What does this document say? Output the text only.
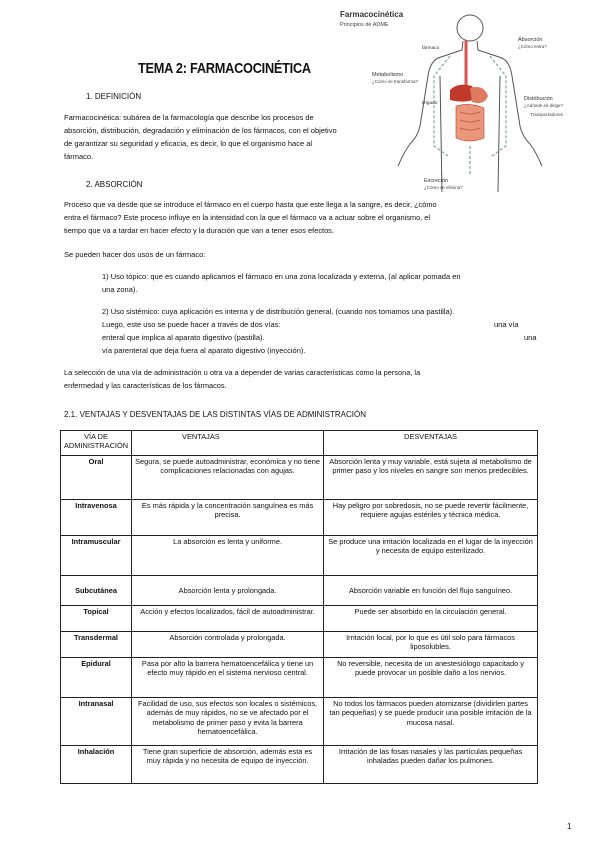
Farmacocinética
Principios de ADME
fármaco
Absorción
¿Cómo entra?
Metabolismo
¿Cómo se transforma?
Hígado
Distribución
¿Adónde se dirige?
Transportadores
Excreción
¿Cómo se elimina?
TEMA 2: FARMACOCINÉTICA
1. DEFINICIÓN
Farmacocinética: subárea de la farmacología que describe los procesos de
absorción, distribución, degradación y eliminación de los fármacos, con el objetivo
de garantizar su seguridad y eficacia, es decir, lo que el organismo hace al
fármaco.
2. ABSORCIÓN
Proceso que va desde que se introduce el fármaco en el cuerpo hasta que este llega a la sangre, es decir, ¿cómo
entra el fármaco? Este proceso influye en la intensidad con la que el fármaco va a actuar sobre el organismo, el
tiempo que va a tardar en hacer efecto y la duración que van a tener esos efectos.
Se pueden hacer dos usos de un fármaco:
1) Uso tópico: que es cuando aplicamos el fármaco en una zona localizada y externa, (al aplicar pomada en
una zona).
2) Uso sistémico: cuya aplicación es interna y de distribución general, (cuando nos tomamos una pastilla).
Luego, este uso se puede hacer a través de dos vías:	una vía
enteral que implica al aparato digestivo (pastilla).	una
vía parenteral que deja fuera al aparato digestivo (inyección).
La selección de una vía de administración u otra va a depender de varias características como la persona, la
enfermedad y las características de los fármacos.
2.1. VENTAJAS Y DESVENTAJAS DE LAS DISTINTAS VÍAS DE ADMINISTRACIÓN
VÍA DE ADMINISTRACIÓN	VENTAJAS	DESVENTAJAS
Oral	Segura, se puede autoadministrar, económica y no tiene complicaciones relacionadas con agujas.	Absorción lenta y muy variable, está sujeta al metabolismo de primer paso y los niveles en sangre son menos predecibles.
Intravenosa	Es más rápida y la concentración sanguínea es más precisa.	Hay peligro por sobredosis, no se puede revertir fácilmente, requiere agujas estériles y técnica médica.
Intramuscular	La absorción es lenta y uniforme.	Se produce una irritación localizada en el lugar de la inyección y necesita de equipo esterilizado.
Subcutánea	Absorción lenta y prolongada.	Absorción variable en función del flujo sanguíneo.
Topical	Acción y efectos localizados, fácil de autoadministrar.	Puede ser absorbido en la circulación general.
Transdermal	Absorción controlada y prolongada.	Irritación local, por lo que es útil solo para fármacos liposolubles.
Epidural	Pasa por alto la barrera hematoencefálica y tiene un efecto muy rápido en el sistema nervioso central.	No reversible, necesita de un anestesiólogo capacitado y puede provocar un posible daño a los nervios.
Intranasal	Facilidad de uso, sus efectos son locales o sistémicos, además de muy rápidos, no se ve afectado por el metabolismo de primer paso y evita la barrera hematoencefálica.	No todos los fármacos pueden atomizarse (dividirlen partes tan pequeñas) y se puede producir una posible irritación de la mucosa nasal.
Inhalación	Tiene gran superficie de absorción, además esta es muy rápida y no necesita de equipo de inyección.	Irritación de las fosas nasales y las partículas pequeñas inhaladas pueden dañar los pulmones.
1
